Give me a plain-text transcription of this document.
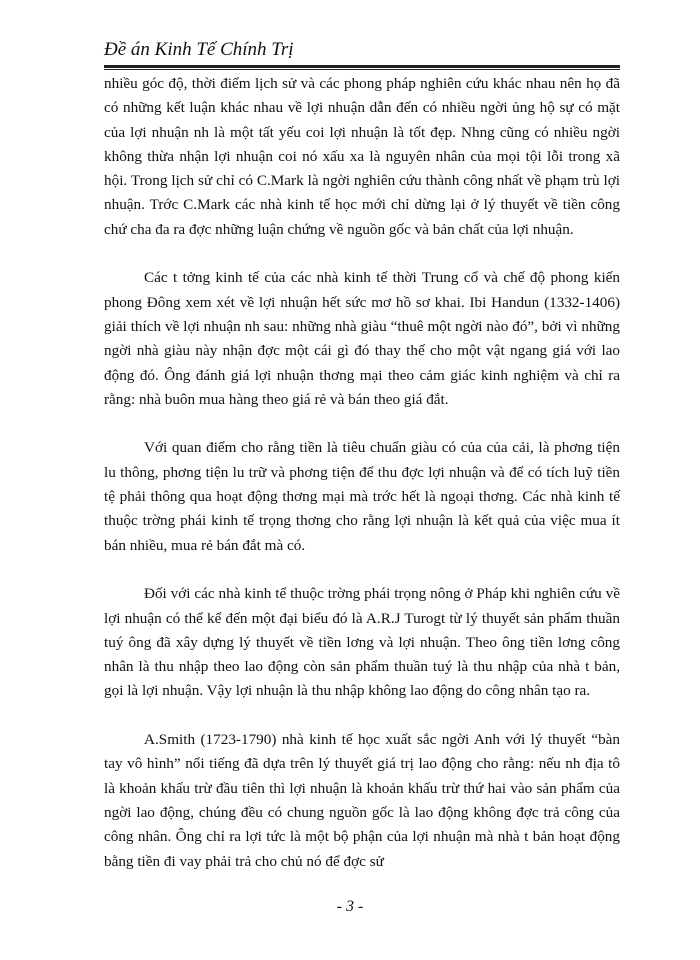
Đề án Kinh Tế Chính Trị

nhiều góc độ, thời điểm lịch sử và các phong pháp nghiên cứu khác nhau nên họ đã có những kết luận khác nhau về lợi nhuận dẫn đến có nhiều ngời ủng hộ sự có mặt của lợi nhuận nh là một tất yếu coi lợi nhuận là tốt đẹp. Nhng cũng có nhiều ngời không thừa nhận lợi nhuận coi nó xấu xa là nguyên nhân của mọi tội lỗi trong xã hội. Trong lịch sử chỉ có C.Mark là ngời nghiên cứu thành công nhất về phạm trù lợi nhuận. Trớc C.Mark các nhà kinh tế học mới chỉ dừng lại ở lý thuyết về tiền công chứ cha đa ra đợc những luận chứng về nguồn gốc và bản chất của lợi nhuận.

Các t tởng kinh tế của các nhà kinh tế thời Trung cổ và chế độ phong kiến phong Đông xem xét về lợi nhuận hết sức mơ hồ sơ khai. Ibi Handun (1332-1406) giải thích về lợi nhuận nh sau: những nhà giàu “thuê một ngời nào đó”, bởi vì những ngời nhà giàu này nhận đợc một cái gì đó thay thế cho một vật ngang giá với lao động đó. Ông đánh giá lợi nhuận thơng mại theo cảm giác kinh nghiệm và chỉ ra rằng: nhà buôn mua hàng theo giá rẻ và bán theo giá đắt.

Với quan điểm cho rằng tiền là tiêu chuẩn giàu có của của cải, là phơng tiện lu thông, phơng tiện lu trữ và phơng tiện để thu đợc lợi nhuận và để có tích luỹ tiền tệ phải thông qua hoạt động thơng mại mà trớc hết là ngoại thơng. Các nhà kinh tế thuộc trờng phái kinh tế trọng thơng cho rằng lợi nhuận là kết quả của việc mua ít bán nhiều, mua rẻ bán đắt mà có.

Đối với các nhà kinh tế thuộc trờng phái trọng nông ở Pháp khi nghiên cứu về lợi nhuận có thể kể đến một đại biểu đó là A.R.J Turogt từ lý thuyết sản phẩm thuần tuý ông đã xây dựng lý thuyết về tiền lơng và lợi nhuận. Theo ông tiền lơng công nhân là thu nhập theo lao động còn sản phẩm thuần tuý là thu nhập của nhà t bản, gọi là lợi nhuận. Vậy lợi nhuận là thu nhập không lao động do công nhân tạo ra.

A.Smith (1723-1790) nhà kinh tế học xuất sắc ngời Anh với lý thuyết “bàn tay vô hình” nổi tiếng đã dựa trên lý thuyết giá trị lao động cho rằng: nếu nh địa tô là khoản khấu trừ đầu tiên thì lợi nhuận là khoản khấu trừ thứ hai vào sản phẩm của ngời lao động, chúng đều có chung nguồn gốc là lao động không đợc trả công của công nhân. Ông chỉ ra lợi tức là một bộ phận của lợi nhuận mà nhà t bản hoạt động bằng tiền đi vay phải trả cho chủ nó để đợc sử

- 3 -
